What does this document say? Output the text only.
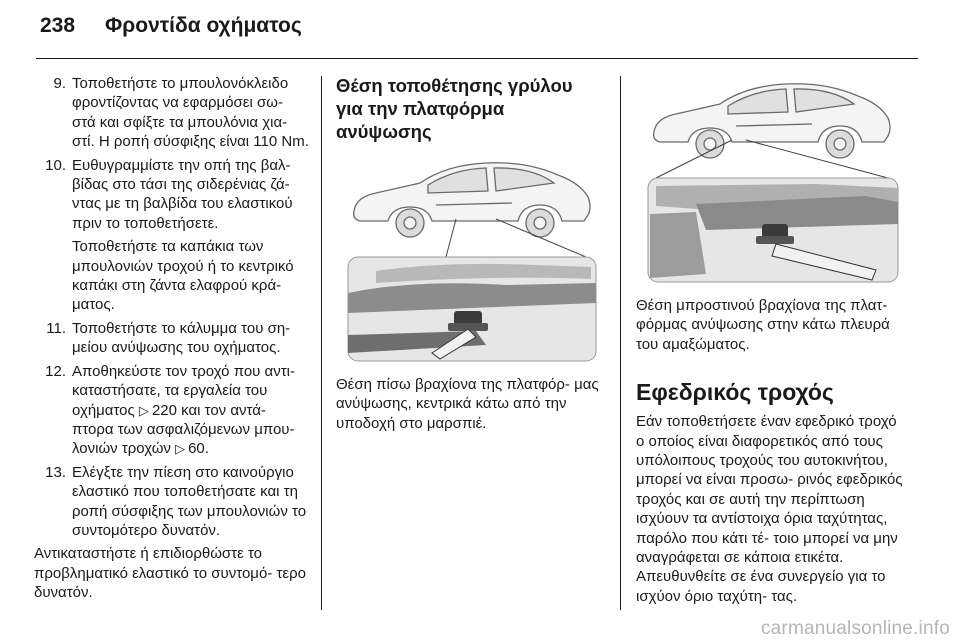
238 Φροντίδα οχήματος
9. Τοποθετήστε το μπουλονόκλειδο φροντίζοντας να εφαρμόσει σω- στά και σφίξτε τα μπουλόνια χια- στί. Η ροπή σύσφιξης είναι 110 Nm.

10. Ευθυγραμμίστε την οπή της βαλ- βίδας στο τάσι της σιδερένιας ζά- ντας με τη βαλβίδα του ελαστικού πριν το τοποθετήσετε.

Τοποθετήστε τα καπάκια των μπουλονιών τροχού ή το κεντρικό καπάκι στη ζάντα ελαφρού κρά- ματος.

11. Τοποθετήστε το κάλυμμα του ση- μείου ανύψωσης του οχήματος.

12. Αποθηκεύστε τον τροχό που αντι- καταστήσατε, τα εργαλεία του οχήματος ▷  220 και τον αντά- πτορα των ασφαλιζόμενων μπου- λονιών τροχών ▷  60.

13. Ελέγξτε την πίεση στο καινούργιο ελαστικό που τοποθετήσατε και τη ροπή σύσφιξης των μπουλονιών το συντομότερο δυνατόν.

Αντικαταστήστε ή επιδιορθώστε το προβληματικό ελαστικό το συντομό- τερο δυνατόν.

Θέση τοποθέτησης γρύλου για την πλατφόρμα ανύψωσης

Θέση πίσω βραχίονα της πλατφόρ- μας ανύψωσης, κεντρικά κάτω από την υποδοχή στο μαρσπιέ.

Θέση μπροστινού βραχίονα της πλατ- φόρμας ανύψωσης στην κάτω πλευρά του αμαξώματος.

Εφεδρικός τροχός

Εάν τοποθετήσετε έναν εφεδρικό τροχό ο οποίος είναι διαφορετικός από τους υπόλοιπους τροχούς του αυτοκινήτου, μπορεί να είναι προσω- ρινός εφεδρικός τροχός και σε αυτή την περίπτωση ισχύουν τα αντίστοιχα όρια ταχύτητας, παρόλο που κάτι τέ- τοιο μπορεί να μην αναγράφεται σε κάποια ετικέτα. Απευθυνθείτε σε ένα συνεργείο για το ισχύον όριο ταχύτη- τας.

carmanualsonline.info
